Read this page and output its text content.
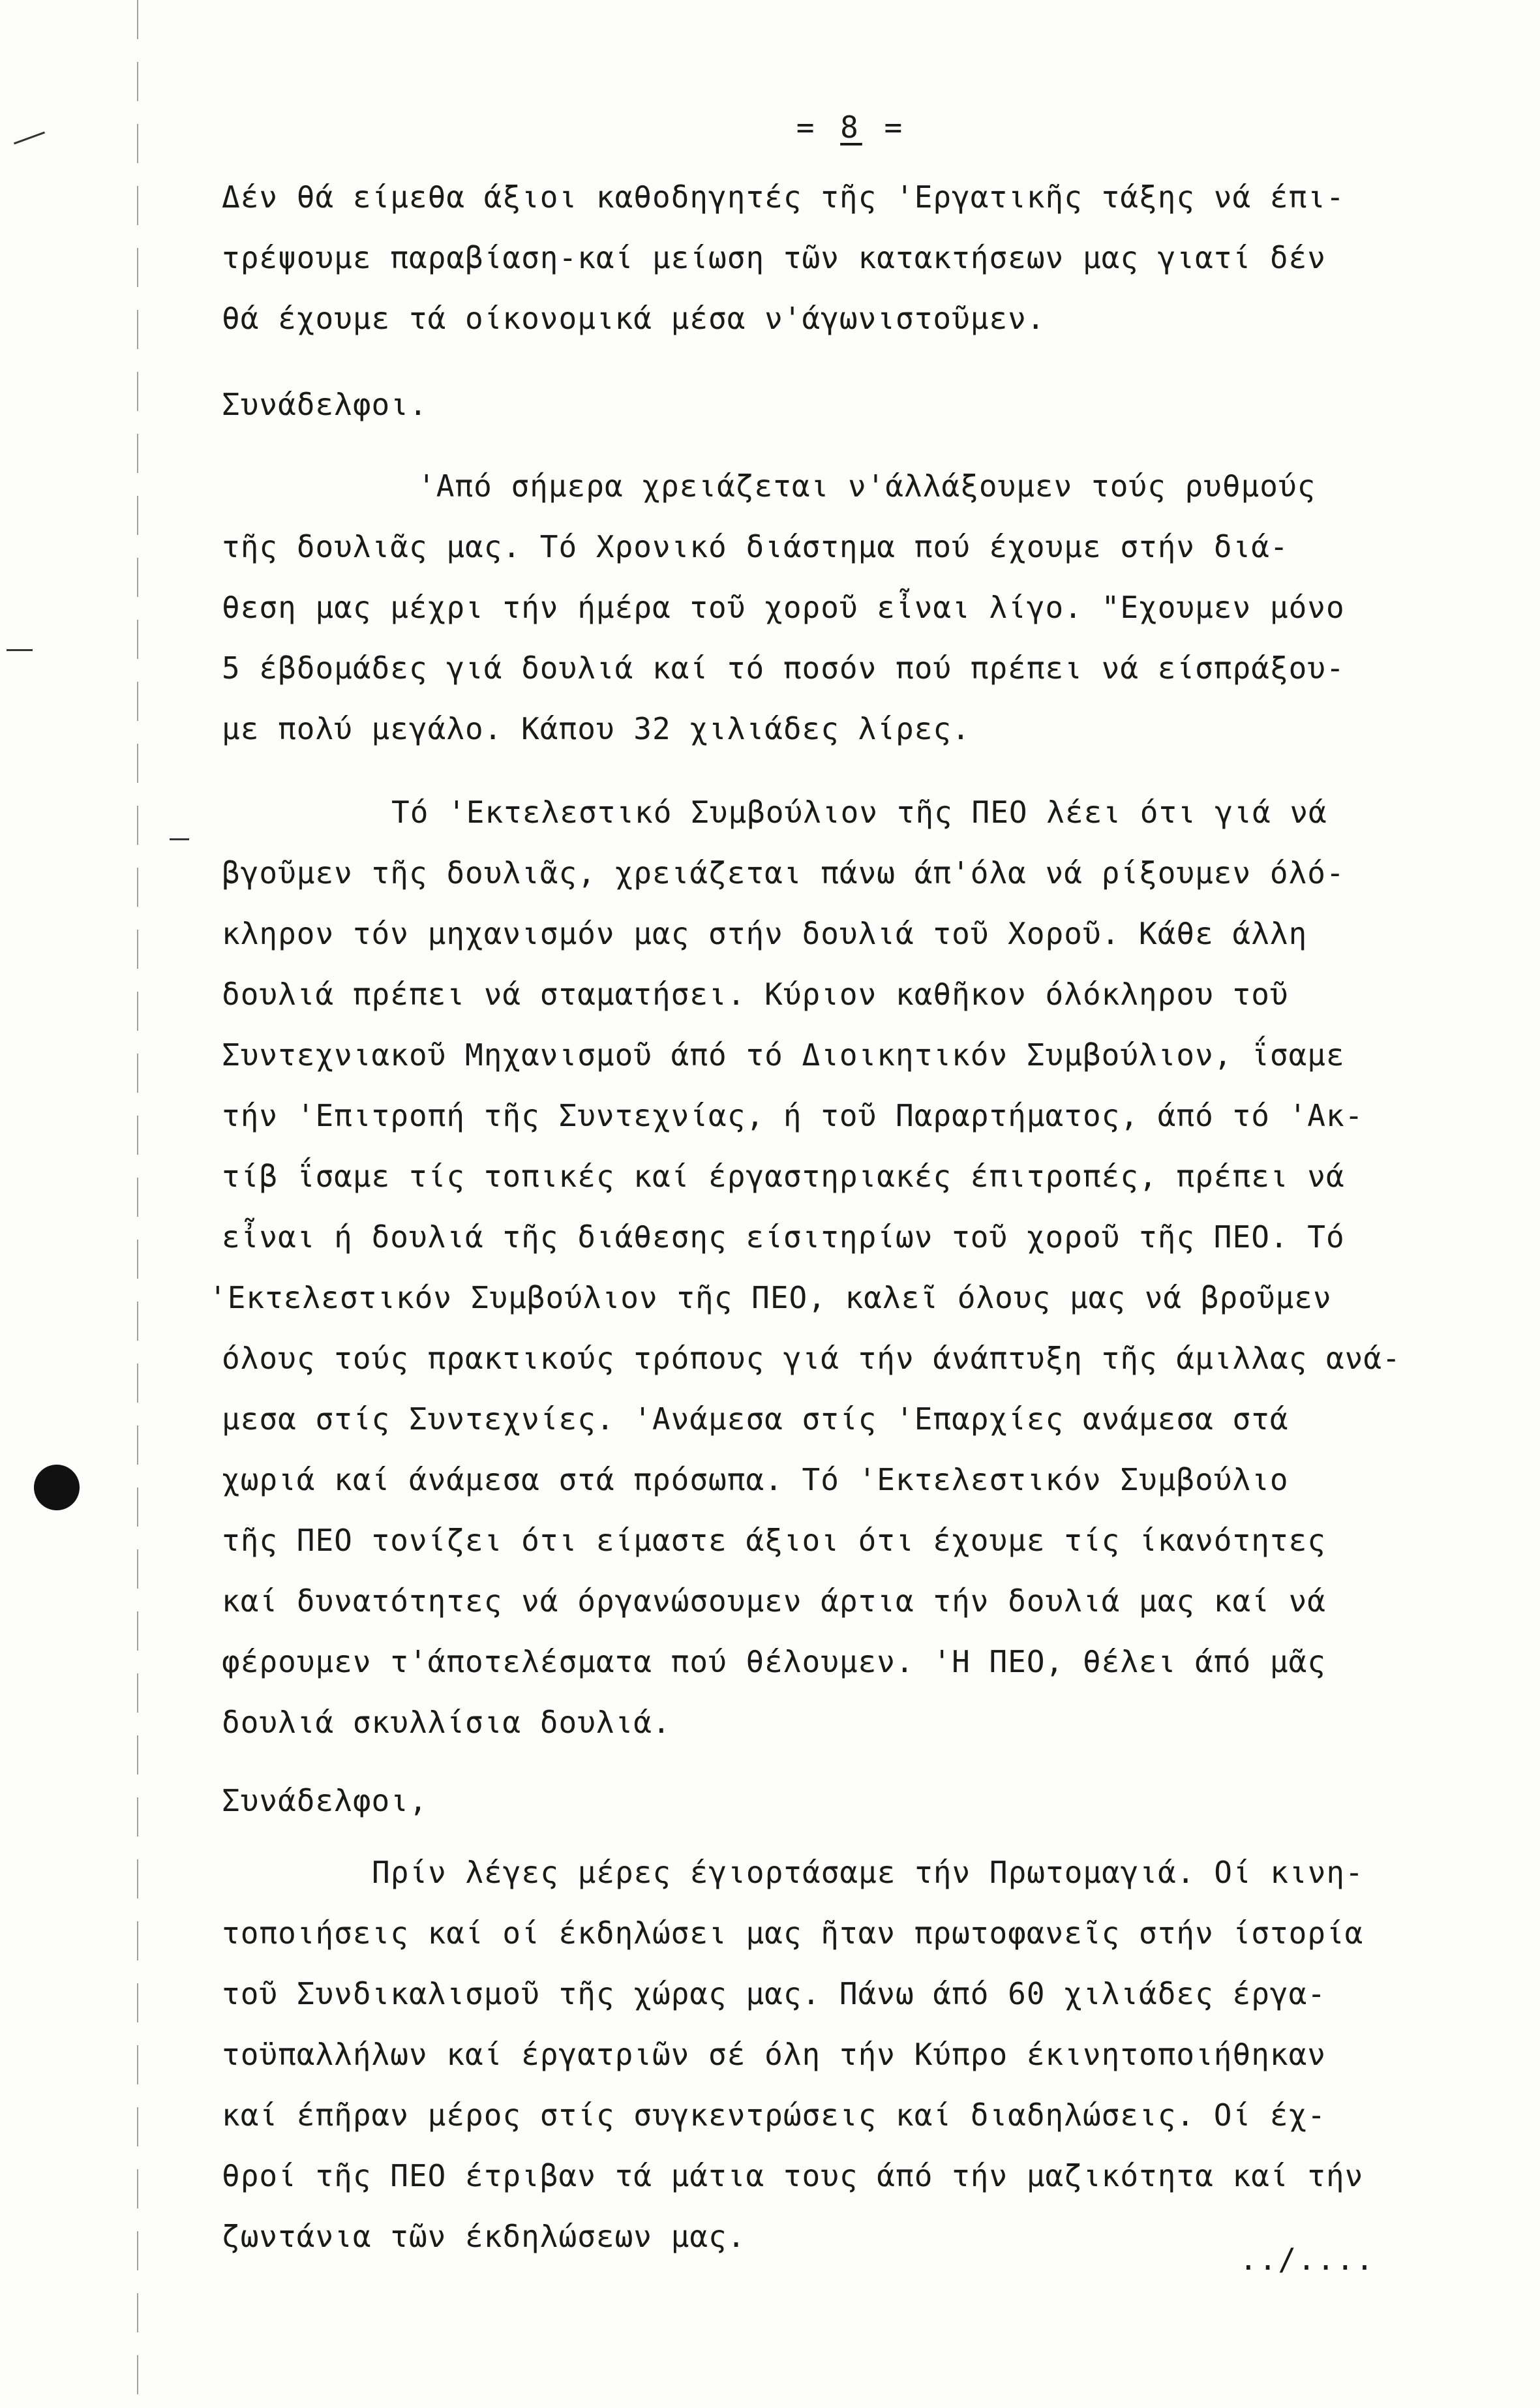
= 8 =
Δέν θά είμεθα άξιοι καθοδηγητές τῆς 'Εργατικῆς τάξης νά έπι-
τρέψουμε παραβίαση-καί μείωση τῶν κατακτήσεων μας γιατί δέν
θά έχουμε τά οίκονομικά μέσα ν'άγωνιστοῦμεν.
Συνάδελφοι.
'Από σήμερα χρειάζεται ν'άλλάξουμεν τούς ρυθμούς
τῆς δουλιᾶς μας. Τό Χρονικό διάστημα πού έχουμε στήν διά-
θεση μας μέχρι τήν ήμέρα τοῦ χοροῦ εἶναι λίγο. "Εχουμεν μόνο
5 έβδομάδες γιά δουλιά καί τό ποσόν πού πρέπει νά είσπράξου-
με πολύ μεγάλο. Κάπου 32 χιλιάδες λίρες.
Τό 'Εκτελεστικό Συμβούλιον τῆς ΠΕΟ λέει ότι γιά νά
βγοῦμεν τῆς δουλιᾶς, χρειάζεται πάνω άπ'όλα νά ρίξουμεν όλό-
κληρον τόν μηχανισμόν μας στήν δουλιά τοῦ Χοροῦ. Κάθε άλλη
δουλιά πρέπει νά σταματήσει. Κύριον καθῆκον όλόκληρου τοῦ
Συντεχνιακοῦ Μηχανισμοῦ άπό τό Διοικητικόν Συμβούλιον, ΐσαμε
τήν 'Επιτροπή τῆς Συντεχνίας, ή τοῦ Παραρτήματος, άπό τό 'Ακ-
τίβ ΐσαμε τίς τοπικές καί έργαστηριακές έπιτροπές, πρέπει νά
εἶναι ή δουλιά τῆς διάθεσης είσιτηρίων τοῦ χοροῦ τῆς ΠΕΟ. Τό
'Εκτελεστικόν Συμβούλιον τῆς ΠΕΟ, καλεῖ όλους μας νά βροῦμεν
όλους τούς πρακτικούς τρόπους γιά τήν άνάπτυξη τῆς άμιλλας ανά-
μεσα στίς Συντεχνίες. 'Ανάμεσα στίς 'Επαρχίες ανάμεσα στά
χωριά καί άνάμεσα στά πρόσωπα. Τό 'Εκτελεστικόν Συμβούλιο
τῆς ΠΕΟ τονίζει ότι είμαστε άξιοι ότι έχουμε τίς ίκανότητες
καί δυνατότητες νά όργανώσουμεν άρτια τήν δουλιά μας καί νά
φέρουμεν τ'άποτελέσματα πού θέλουμεν. 'Η ΠΕΟ, θέλει άπό μᾶς
δουλιά σκυλλίσια δουλιά.
Συνάδελφοι,
Πρίν λέγες μέρες έγιορτάσαμε τήν Πρωτομαγιά. Οί κινη-
τοποιήσεις καί οί έκδηλώσει μας ῆταν πρωτοφανεῖς στήν ίστορία
τοῦ Συνδικαλισμοῦ τῆς χώρας μας. Πάνω άπό 60 χιλιάδες έργα-
τοϋπαλλήλων καί έργατριῶν σέ όλη τήν Κύπρο έκινητοποιήθηκαν
καί έπῆραν μέρος στίς συγκεντρώσεις καί διαδηλώσεις. Οί έχ-
θροί τῆς ΠΕΟ έτριβαν τά μάτια τους άπό τήν μαζικότητα καί τήν
ζωντάνια τῶν έκδηλώσεων μας.
../....
